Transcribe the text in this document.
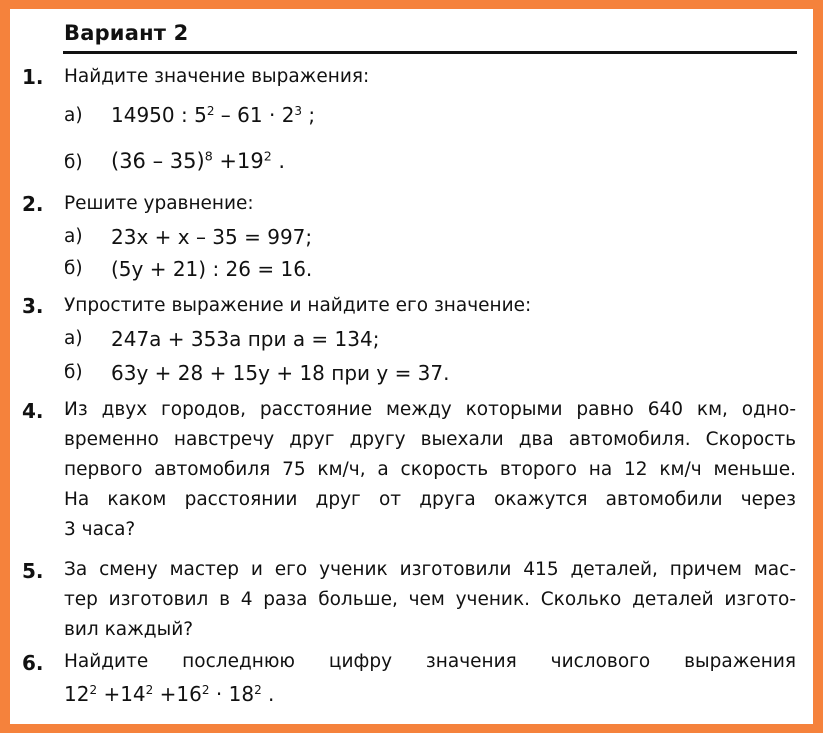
Вариант 2
1. Найдите значение выражения:
а) 14950 : $5^2 - 61 \cdot 2^3$ ;
б) $(36 - 35)^8 +19^2$ .
2. Решите уравнение:
а) 23x + x – 35 = 997;
б) (5y + 21) : 26 = 16.
3. Упростите выражение и найдите его значение:
а) 247a + 353a при a = 134;
б) 63y + 28 + 15y + 18 при y = 37.
4. Из двух городов, расстояние между которыми равно 640 км, одно-
временно навстречу друг другу выехали два автомобиля. Скорость
первого автомобиля 75 км/ч, а скорость второго на 12 км/ч меньше.
На каком расстоянии друг от друга окажутся автомобили через
3 часа?
5. За смену мастер и его ученик изготовили 415 деталей, причем мас-
тер изготовил в 4 раза больше, чем ученик. Сколько деталей изгото-
вил каждый?
6. Найдите последнюю цифру значения числового выражения
$12^2 +14^2 +16^2 \cdot 18^2$ .
